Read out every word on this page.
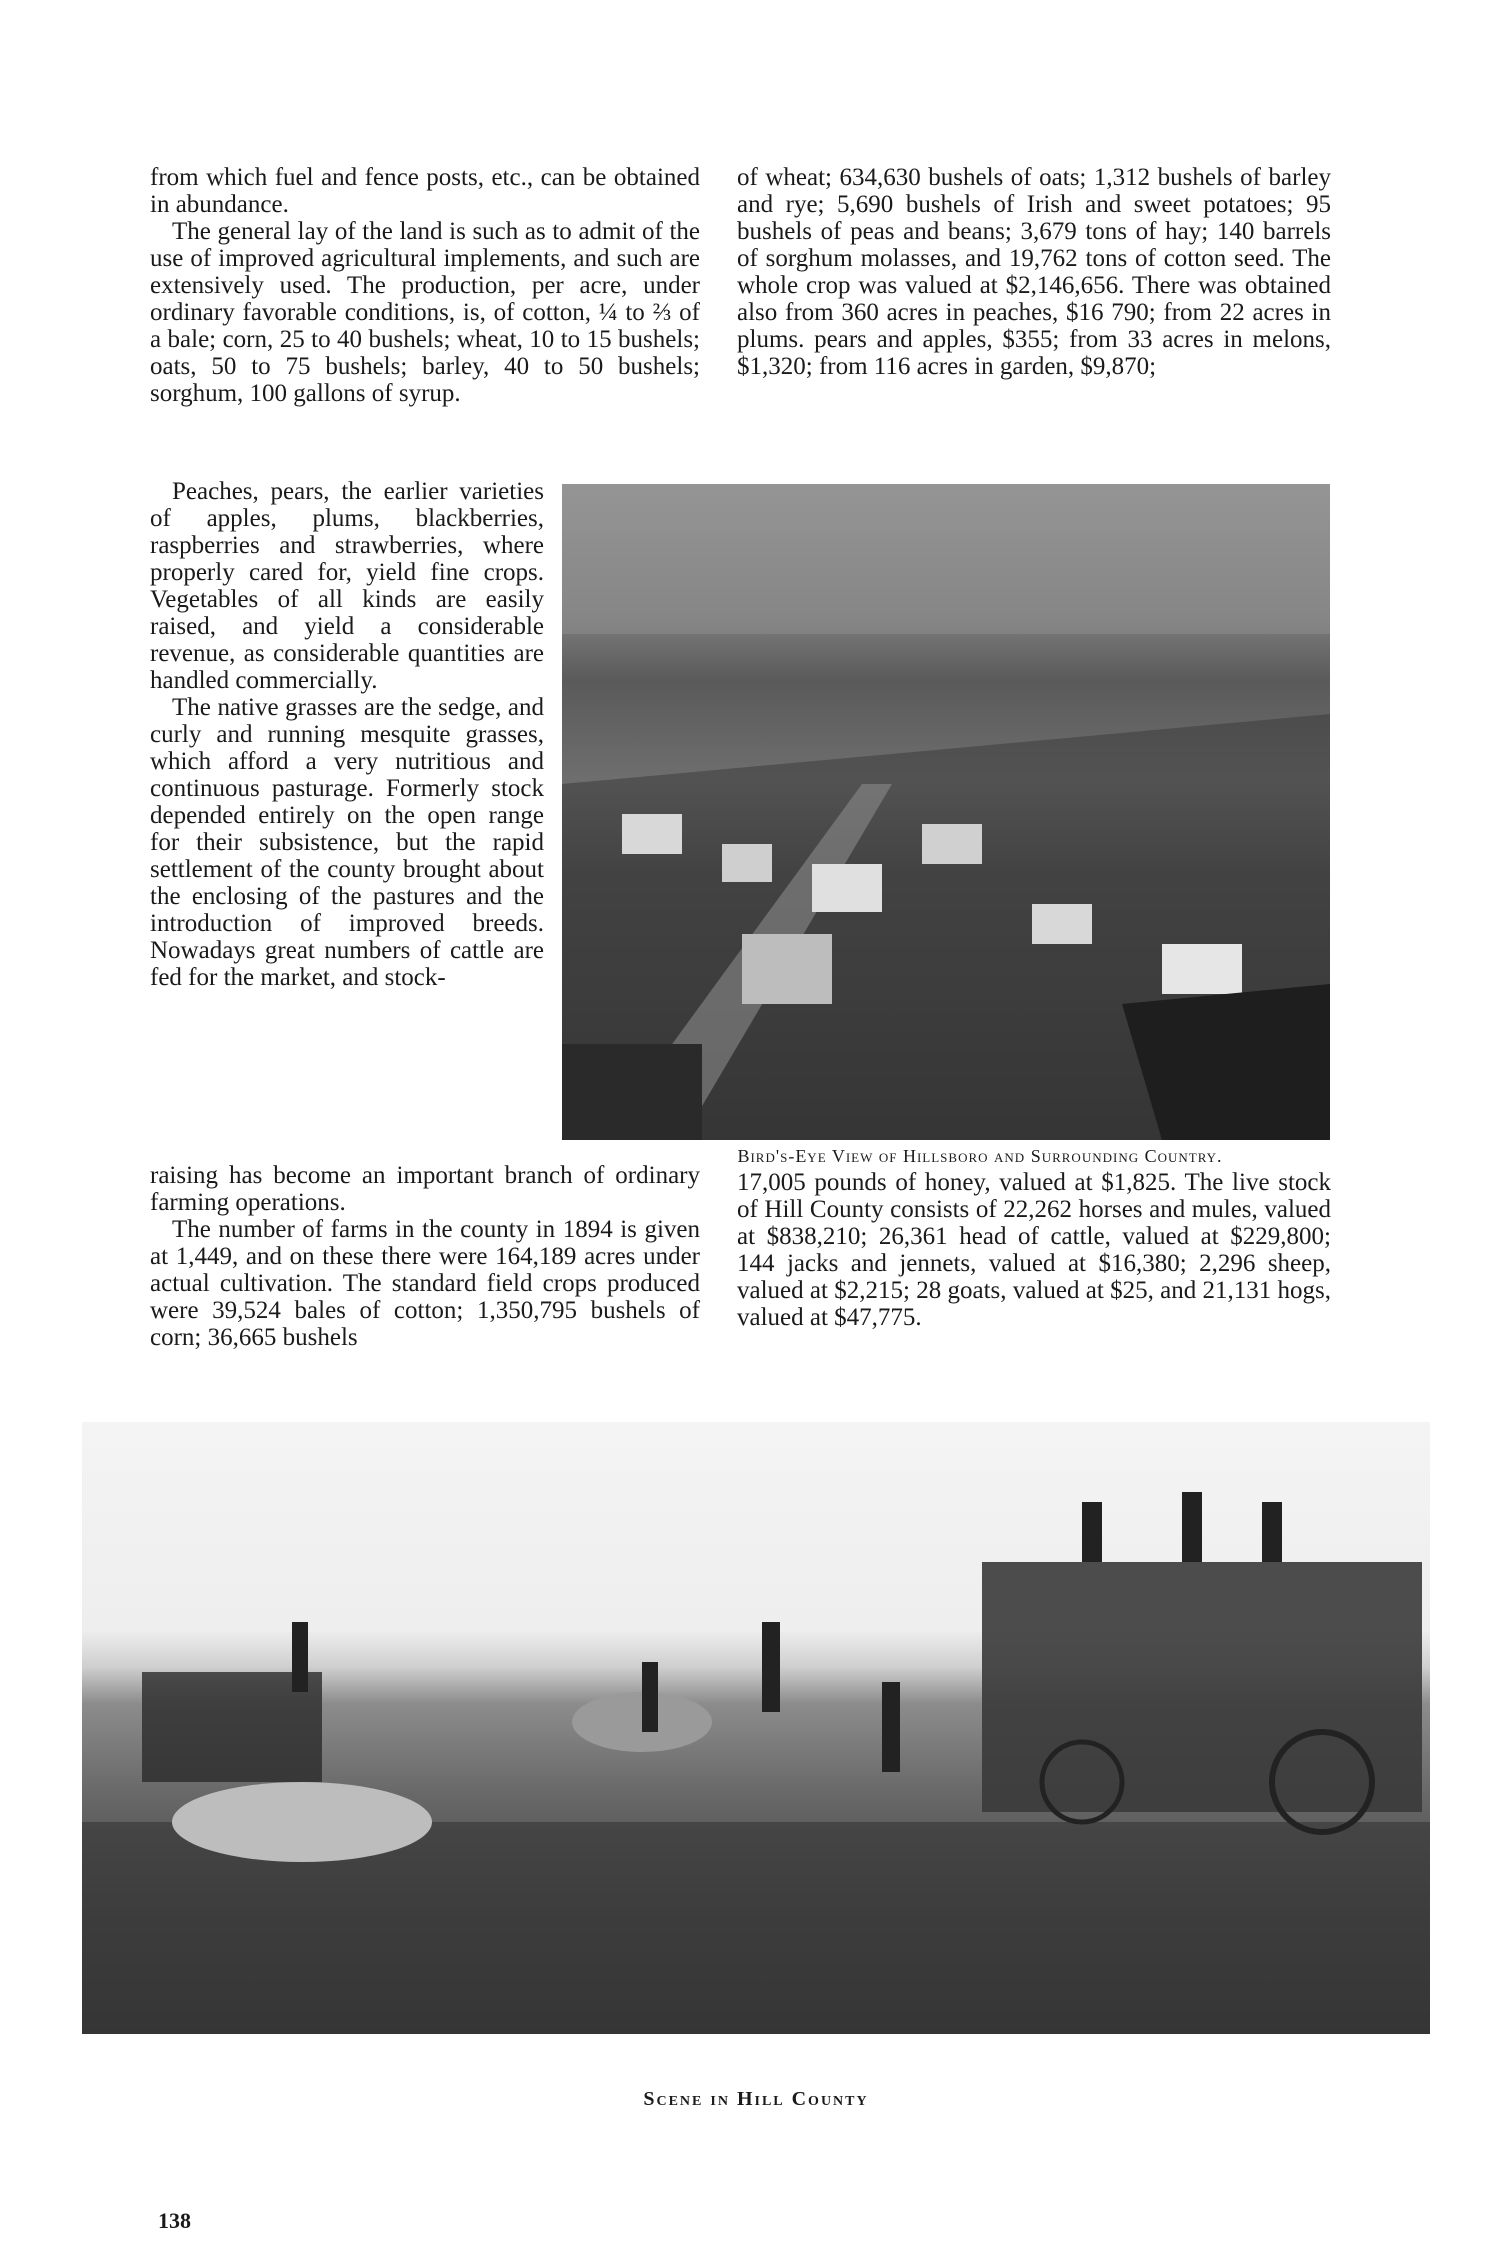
from which fuel and fence posts, etc., can be obtained in abundance.

The general lay of the land is such as to admit of the use of improved agricultural implements, and such are extensively used. The production, per acre, under ordinary favorable conditions, is, of cotton, ¼ to ⅔ of a bale; corn, 25 to 40 bushels; wheat, 10 to 15 bushels; oats, 50 to 75 bushels; barley, 40 to 50 bushels; sorghum, 100 gallons of syrup.

Peaches, pears, the earlier varieties of apples, plums, blackberries, raspberries and strawberries, where properly cared for, yield fine crops. Vegetables of all kinds are easily raised, and yield a considerable revenue, as considerable quantities are handled commercially.

The native grasses are the sedge, and curly and running mesquite grasses, which afford a very nutritious and continuous pasturage. Formerly stock depended entirely on the open range for their subsistence, but the rapid settlement of the county brought about the enclosing of the pastures and the introduction of improved breeds. Nowadays great numbers of cattle are fed for the market, and stock-

raising has become an important branch of ordinary farming operations.

The number of farms in the county in 1894 is given at 1,449, and on these there were 164,189 acres under actual cultivation. The standard field crops produced were 39,524 bales of cotton; 1,350,795 bushels of corn; 36,665 bushels

of wheat; 634,630 bushels of oats; 1,312 bushels of barley and rye; 5,690 bushels of Irish and sweet potatoes; 95 bushels of peas and beans; 3,679 tons of hay; 140 barrels of sorghum molasses, and 19,762 tons of cotton seed. The whole crop was valued at $2,146,656. There was obtained also from 360 acres in peaches, $16 790; from 22 acres in plums. pears and apples, $355; from 33 acres in melons, $1,320; from 116 acres in garden, $9,870;

Bird's-Eye View of Hillsboro and Surrounding Country.

17,005 pounds of honey, valued at $1,825. The live stock of Hill County consists of 22,262 horses and mules, valued at $838,210; 26,361 head of cattle, valued at $229,800; 144 jacks and jennets, valued at $16,380; 2,296 sheep, valued at $2,215; 28 goats, valued at $25, and 21,131 hogs, valued at $47,775.

Scene in Hill County
138
